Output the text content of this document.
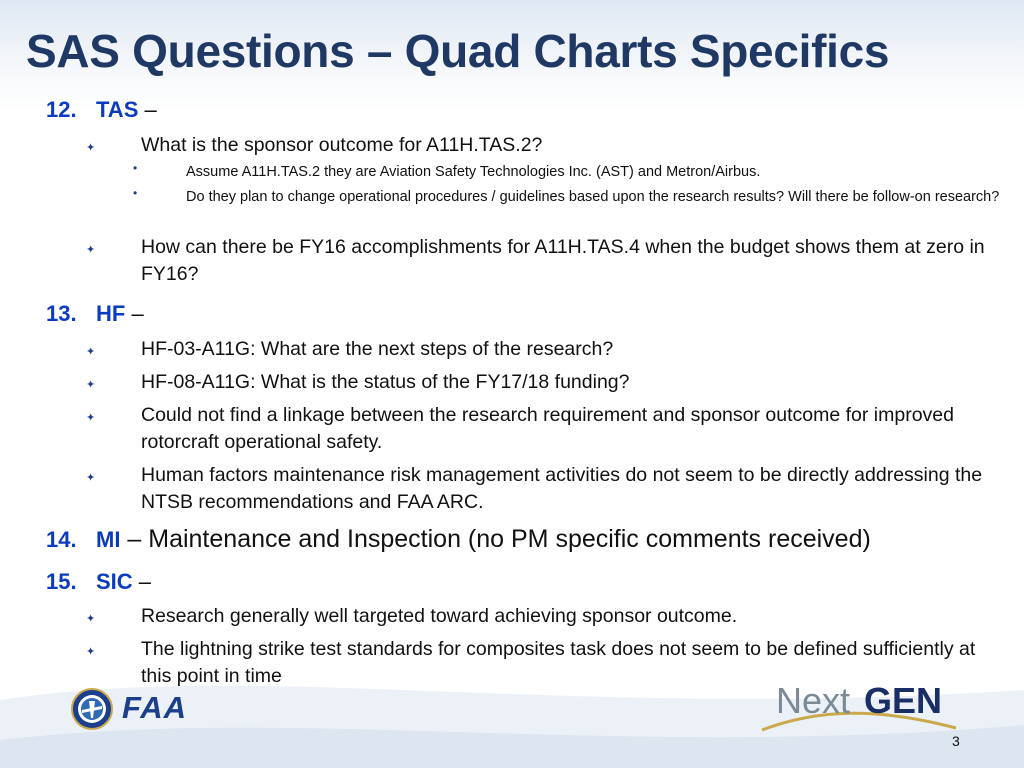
SAS Questions – Quad Charts Specifics
12. TAS –
✦ What is the sponsor outcome for A11H.TAS.2?
•	Assume A11H.TAS.2 they are Aviation Safety Technologies Inc. (AST) and Metron/Airbus.
•	Do they plan to change operational procedures / guidelines based upon the research results? Will there be follow-on research?
✦ How can there be FY16 accomplishments for A11H.TAS.4 when the budget shows them at zero in FY16?
13. HF –
✦ HF-03-A11G: What are the next steps of the research?
✦ HF-08-A11G: What is the status of the FY17/18 funding?
✦ Could not find a linkage between the research requirement and sponsor outcome for improved rotorcraft operational safety.
✦ Human factors maintenance risk management activities do not seem to be directly addressing the NTSB recommendations and FAA ARC.
14. MI – Maintenance and Inspection (no PM specific comments received)
15. SIC –
✦ Research generally well targeted toward achieving sponsor outcome.
✦ The lightning strike test standards for composites task does not seem to be defined sufficiently at this point in time
FAA	Next GEN
3
